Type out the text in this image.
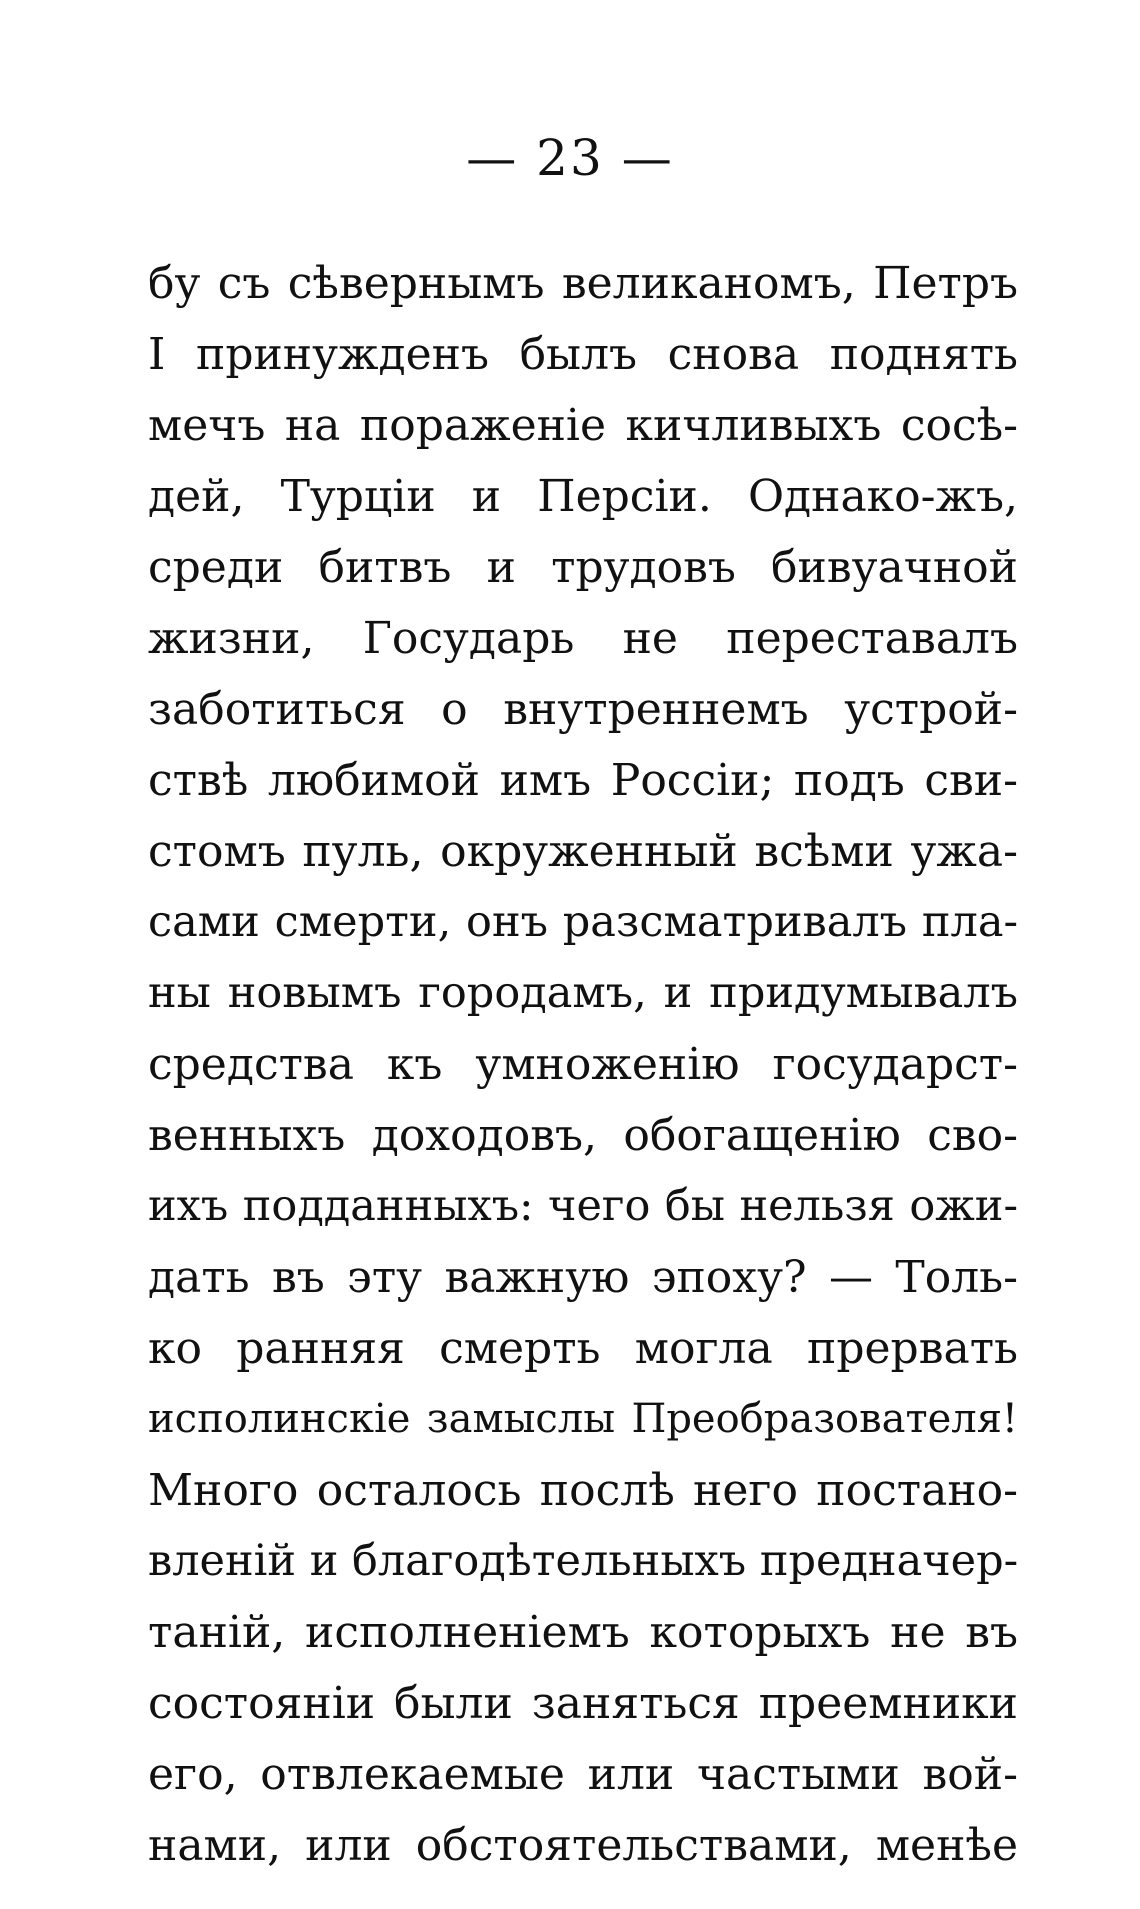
— 23 —
бу съ сѣвернымъ великаномъ, Петръ
I принужденъ былъ снова поднять
мечъ на пораженіе кичливыхъ сосѣ-
дей, Турціи и Персіи. Однако-жъ,
среди битвъ и трудовъ бивуачной
жизни, Государь не переставалъ
заботиться о внутреннемъ устрой-
ствѣ любимой имъ Россіи; подъ сви-
стомъ пуль, окруженный всѣми ужа-
сами смерти, онъ разсматривалъ пла-
ны новымъ городамъ, и придумывалъ
средства къ умноженію государст-
венныхъ доходовъ, обогащенію сво-
ихъ подданныхъ: чего бы нельзя ожи-
дать въ эту важную эпоху? — Толь-
ко ранняя смерть могла прервать
исполинскіе замыслы Преобразователя!
Много осталось послѣ него постано-
вленій и благодѣтельныхъ предначер-
таній, исполненіемъ которыхъ не въ
состояніи были заняться преемники
его, отвлекаемые или частыми вой-
нами, или обстоятельствами, менѣе
